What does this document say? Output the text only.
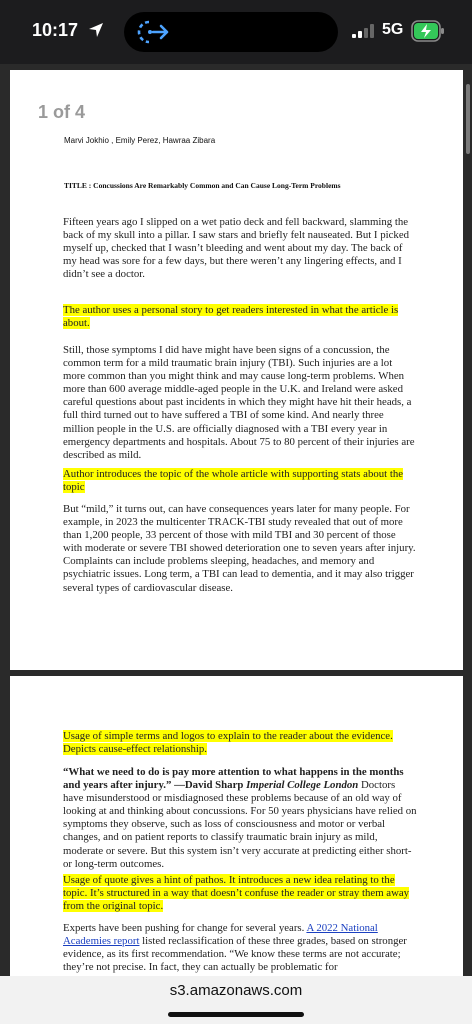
10:17	5G
1 of 4
Marvi Jokhio , Emily Perez, Hawraa Zibara
TITLE : Concussions Are Remarkably Common and Can Cause Long-Term Problems

Fifteen years ago I slipped on a wet patio deck and fell backward, slamming the back of my skull into a pillar. I saw stars and briefly felt nauseated. But I picked myself up, checked that I wasn’t bleeding and went about my day. The back of my head was sore for a few days, but there weren’t any lingering effects, and I didn’t see a doctor.

The author uses a personal story to get readers interested in what the article is about.

Still, those symptoms I did have might have been signs of a concussion, the common term for a mild traumatic brain injury (TBI). Such injuries are a lot more common than you might think and may cause long-term problems. When more than 600 average middle-aged people in the U.K. and Ireland were asked careful questions about past incidents in which they might have hit their heads, a full third turned out to have suffered a TBI of some kind. And nearly three million people in the U.S. are officially diagnosed with a TBI every year in emergency departments and hospitals. About 75 to 80 percent of their injuries are described as mild.

Author introduces the topic of the whole article with supporting stats about the topic

But “mild,” it turns out, can have consequences years later for many people. For example, in 2023 the multicenter TRACK-TBI study revealed that out of more than 1,200 people, 33 percent of those with mild TBI and 30 percent of those with moderate or severe TBI showed deterioration one to seven years after injury. Complaints can include problems sleeping, headaches, and memory and psychiatric issues. Long term, a TBI can lead to dementia, and it may also trigger several types of cardiovascular disease.

Usage of simple terms and logos to explain to the reader about the evidence. Depicts cause-effect relationship.

“What we need to do is pay more attention to what happens in the months and years after injury.” —David Sharp Imperial College London Doctors have misunderstood or misdiagnosed these problems because of an old way of looking at and thinking about concussions. For 50 years physicians have relied on symptoms they observe, such as loss of consciousness and motor or verbal changes, and on patient reports to classify traumatic brain injury as mild, moderate or severe. But this system isn’t very accurate at predicting either short- or long-term outcomes.

Usage of quote gives a hint of pathos. It introduces a new idea relating to the topic. It’s structured in a way that doesn’t confuse the reader or stray them away from the original topic.

Experts have been pushing for change for several years. A 2022 National Academies report listed reclassification of these three grades, based on stronger evidence, as its first recommendation. “We know these terms are not accurate; they’re not precise. In fact, they can actually be problematic for

s3.amazonaws.com
